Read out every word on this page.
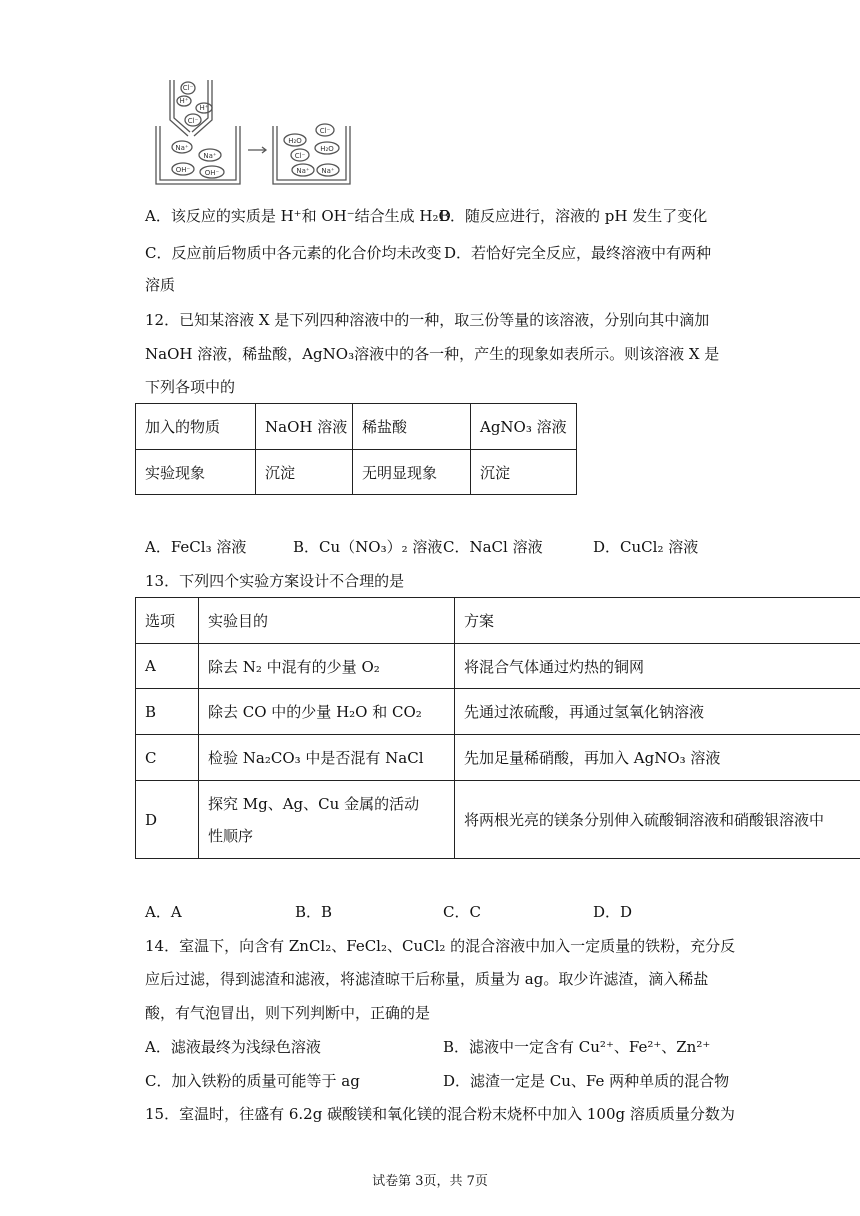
Cl⁻
H⁺
H⁺
Cl⁻
Na⁺
Na⁺
OH⁻ OH⁻
H₂O
Cl⁻
H₂O
Cl⁻
Na⁺ Na⁺
A．该反应的实质是 H⁺和 OH⁻结合生成 H₂O
B．随反应进行，溶液的 pH 发生了变化
C．反应前后物质中各元素的化合价均未改变 D．若恰好完全反应，最终溶液中有两种
溶质
12．已知某溶液 X 是下列四种溶液中的一种，取三份等量的该溶液，分别向其中滴加
NaOH 溶液，稀盐酸，AgNO₃溶液中的各一种，产生的现象如表所示。则该溶液 X 是
下列各项中的
加入的物质	NaOH 溶液	稀盐酸	AgNO₃ 溶液
实验现象	沉淀	无明显现象	沉淀
A．FeCl₃ 溶液	B．Cu（NO₃）₂ 溶液 C．NaCl 溶液	D．CuCl₂ 溶液
13．下列四个实验方案设计不合理的是
选项	实验目的	方案
A	除去 N₂ 中混有的少量 O₂	将混合气体通过灼热的铜网
B	除去 CO 中的少量 H₂O 和 CO₂	先通过浓硫酸，再通过氢氧化钠溶液
C	检验 Na₂CO₃ 中是否混有 NaCl	先加足量稀硝酸，再加入 AgNO₃ 溶液
D	探究 Mg、Ag、Cu 金属的活动性顺序	将两根光亮的镁条分别伸入硫酸铜溶液和硝酸银溶液中
A．A	B．B	C．C	D．D
14．室温下，向含有 ZnCl₂、FeCl₂、CuCl₂ 的混合溶液中加入一定质量的铁粉，充分反
应后过滤，得到滤渣和滤液，将滤渣晾干后称量，质量为 ag。取少许滤渣，滴入稀盐
酸，有气泡冒出，则下列判断中，正确的是
A．滤液最终为浅绿色溶液	B．滤液中一定含有 Cu²⁺、Fe²⁺、Zn²⁺
C．加入铁粉的质量可能等于 ag	D．滤渣一定是 Cu、Fe 两种单质的混合物
15．室温时，往盛有 6.2g 碳酸镁和氧化镁的混合粉末烧杯中加入 100g 溶质质量分数为
试卷第 3页，共 7页
